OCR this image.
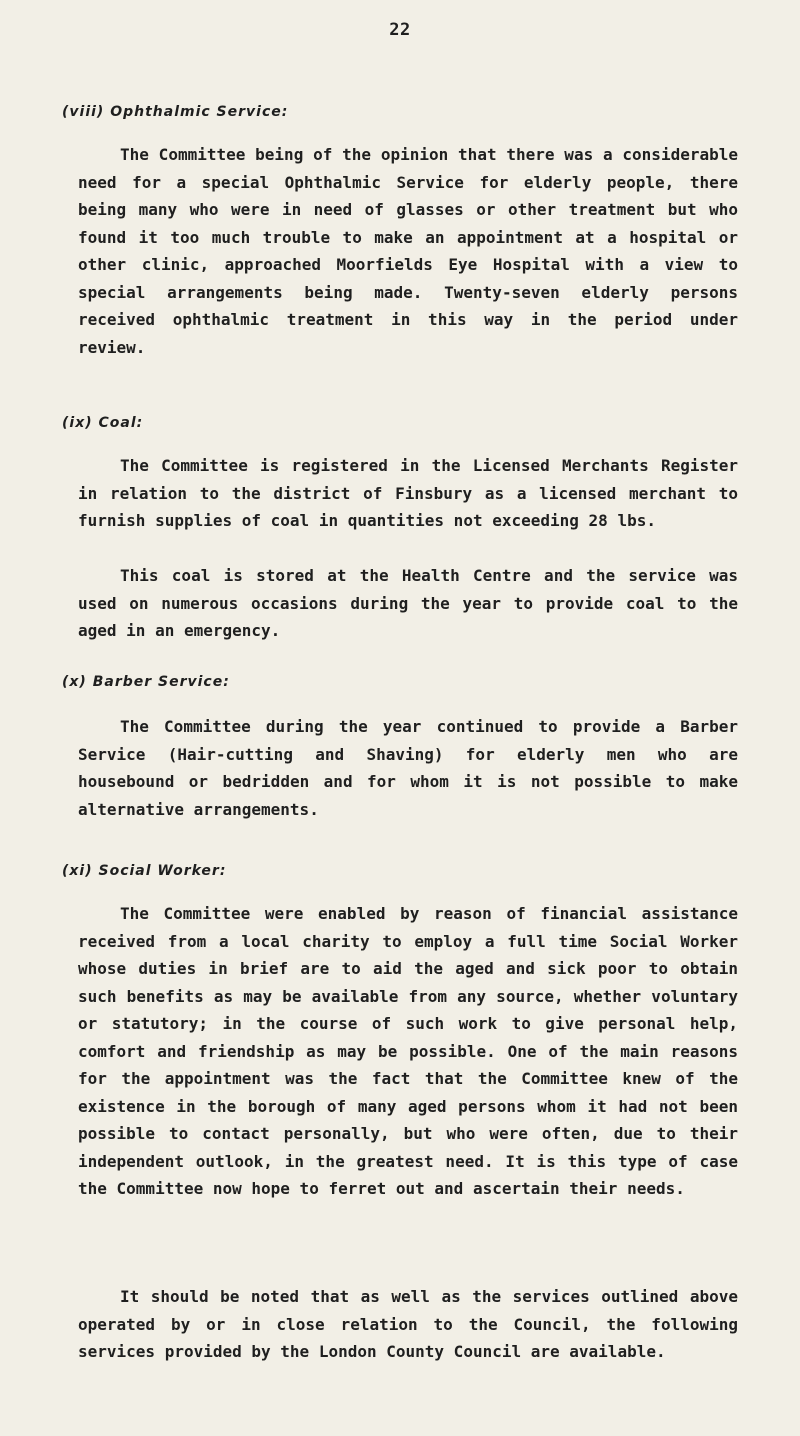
22
(viii) Ophthalmic Service:

The Committee being of the opinion that there was a considerable need for a special Ophthalmic Service for elderly people, there being many who were in need of glasses or other treatment but who found it too much trouble to make an appointment at a hospital or other clinic, approached Moorfields Eye Hospital with a view to special arrangements being made. Twenty-seven elderly persons received ophthalmic treatment in this way in the period under review.

(ix) Coal:

The Committee is registered in the Licensed Merchants Register in relation to the district of Finsbury as a licensed merchant to furnish supplies of coal in quantities not exceeding 28 lbs.

This coal is stored at the Health Centre and the service was used on numerous occasions during the year to provide coal to the aged in an emergency.

(x) Barber Service:

The Committee during the year continued to provide a Barber Service (Hair-cutting and Shaving) for elderly men who are housebound or bedridden and for whom it is not possible to make alternative arrangements.

(xi) Social Worker:

The Committee were enabled by reason of financial assistance received from a local charity to employ a full time Social Worker whose duties in brief are to aid the aged and sick poor to obtain such benefits as may be available from any source, whether voluntary or statutory; in the course of such work to give personal help, comfort and friendship as may be possible. One of the main reasons for the appointment was the fact that the Committee knew of the existence in the borough of many aged persons whom it had not been possible to contact personally, but who were often, due to their independent outlook, in the greatest need. It is this type of case the Committee now hope to ferret out and ascertain their needs.

It should be noted that as well as the services outlined above operated by or in close relation to the Council, the following services provided by the London County Council are available.
